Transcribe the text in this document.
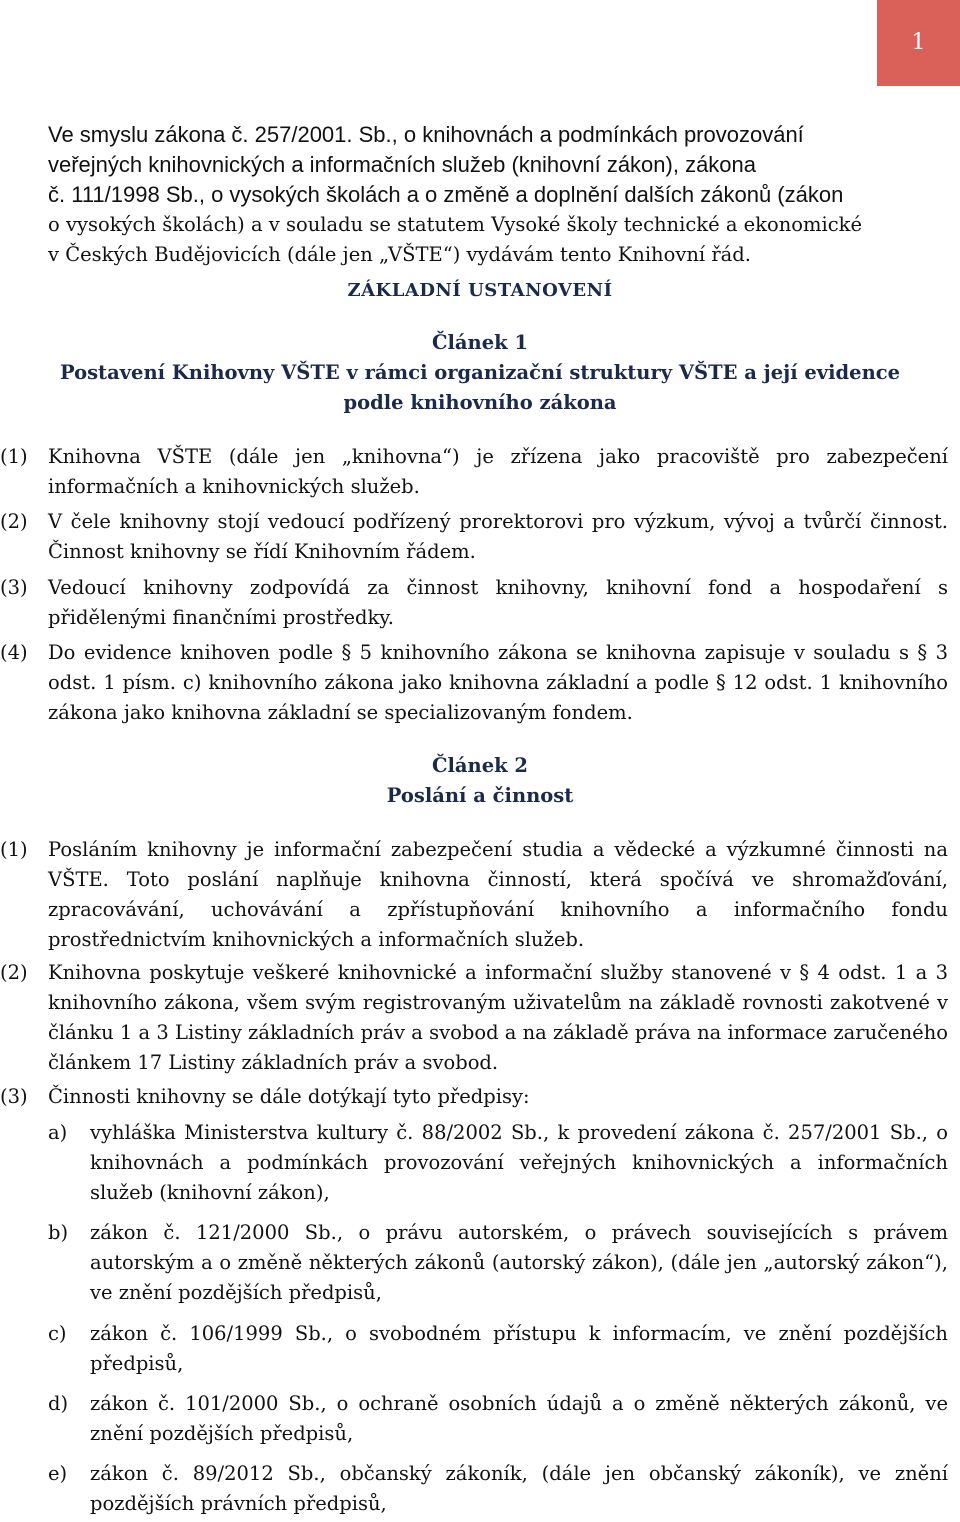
1
Ve smyslu zákona č. 257/2001. Sb., o knihovnách a podmínkách provozování
veřejných knihovnických a informačních služeb (knihovní zákon), zákona
č. 111/1998 Sb., o vysokých školách a o změně a doplnění dalších zákonů (zákon
o vysokých školách) a v souladu se statutem Vysoké školy technické a ekonomické
v Českých Budějovicích (dále jen „VŠTE“) vydávám tento Knihovní řád.
ZÁKLADNÍ USTANOVENÍ
Článek 1
Postavení Knihovny VŠTE v rámci organizační struktury VŠTE a její evidence
podle knihovního zákona
(1)	Knihovna VŠTE (dále jen „knihovna“) je zřízena jako pracoviště pro zabezpečení informačních a knihovnických služeb.
(2)	V čele knihovny stojí vedoucí podřízený prorektorovi pro výzkum, vývoj a tvůrčí činnost. Činnost knihovny se řídí Knihovním řádem.
(3)	Vedoucí knihovny zodpovídá za činnost knihovny, knihovní fond a hospodaření s přidělenými finančními prostředky.
(4)	Do evidence knihoven podle § 5 knihovního zákona se knihovna zapisuje v souladu s § 3 odst. 1 písm. c) knihovního zákona jako knihovna základní a podle § 12 odst. 1 knihovního zákona jako knihovna základní se specializovaným fondem.
Článek 2
Poslání a činnost
(1)	Posláním knihovny je informační zabezpečení studia a vědecké a výzkumné činnosti na VŠTE. Toto poslání naplňuje knihovna činností, která spočívá ve shromažďování, zpracovávání, uchovávání a zpřístupňování knihovního a informačního fondu prostřednictvím knihovnických a informačních služeb.
(2)	Knihovna poskytuje veškeré knihovnické a informační služby stanovené v § 4 odst. 1 a 3 knihovního zákona, všem svým registrovaným uživatelům na základě rovnosti zakotvené v článku 1 a 3 Listiny základních práv a svobod a na základě práva na informace zaručeného článkem 17 Listiny základních práv a svobod.
(3)	Činnosti knihovny se dále dotýkají tyto předpisy:
a)	vyhláška Ministerstva kultury č. 88/2002 Sb., k provedení zákona č. 257/2001 Sb., o knihovnách a podmínkách provozování veřejných knihovnických a informačních služeb (knihovní zákon),
b)	zákon č. 121/2000 Sb., o právu autorském, o právech souvisejících s právem autorským a o změně některých zákonů (autorský zákon), (dále jen „autorský zákon“), ve znění pozdějších předpisů,
c)	zákon č. 106/1999 Sb., o svobodném přístupu k informacím, ve znění pozdějších předpisů,
d)	zákon č. 101/2000 Sb., o ochraně osobních údajů a o změně některých zákonů, ve znění pozdějších předpisů,
e)	zákon č. 89/2012 Sb., občanský zákoník, (dále jen občanský zákoník), ve znění pozdějších právních předpisů,
